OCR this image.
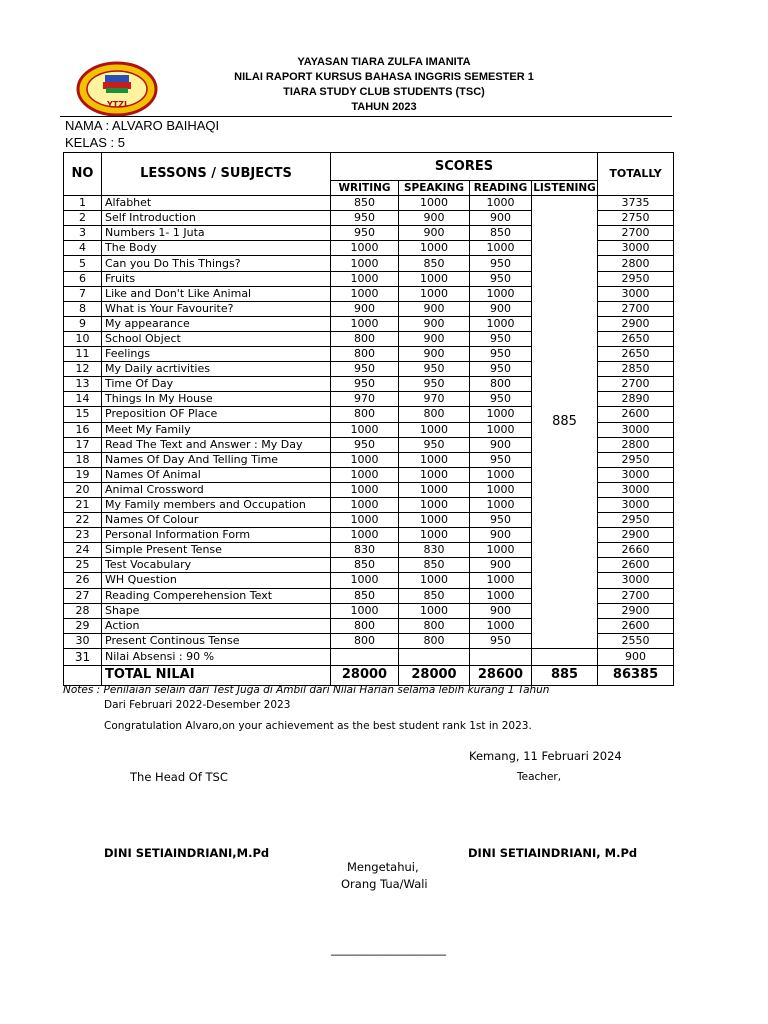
YTZI
YAYASAN TIARA ZULFA IMANITA
NILAI RAPORT KURSUS BAHASA INGGRIS SEMESTER 1
TIARA STUDY CLUB STUDENTS (TSC)
TAHUN 2023
NAMA : ALVARO BAIHAQI
KELAS : 5
NO	LESSONS / SUBJECTS	SCORES				TOTALLY
		WRITING	SPEAKING	READING	LISTENING	
1	Alfabhet	850	1000	1000	885	3735
2	Self Introduction	950	900	900		2750
3	Numbers 1- 1 Juta	950	900	850		2700
4	The Body	1000	1000	1000		3000
5	Can you Do This Things?	1000	850	950		2800
6	Fruits	1000	1000	950		2950
7	Like and Don't Like Animal	1000	1000	1000		3000
8	What is Your Favourite?	900	900	900		2700
9	My appearance	1000	900	1000		2900
10	School Object	800	900	950		2650
11	Feelings	800	900	950		2650
12	My Daily acrtivities	950	950	950		2850
13	Time Of Day	950	950	800		2700
14	Things In My House	970	970	950		2890
15	Preposition OF Place	800	800	1000		2600
16	Meet My Family	1000	1000	1000		3000
17	Read The Text and Answer : My Day	950	950	900		2800
18	Names Of Day And Telling Time	1000	1000	950		2950
19	Names Of Animal	1000	1000	1000		3000
20	Animal Crossword	1000	1000	1000		3000
21	My Family members and Occupation	1000	1000	1000		3000
22	Names Of Colour	1000	1000	950		2950
23	Personal Information Form	1000	1000	900		2900
24	Simple Present Tense	830	830	1000		2660
25	Test Vocabulary	850	850	900		2600
26	WH Question	1000	1000	1000		3000
27	Reading Comperehension Text	850	850	1000		2700
28	Shape	1000	1000	900		2900
29	Action	800	800	1000		2600
30	Present Continous Tense	800	800	950		2550
31	Nilai Absensi : 90 %					900
	TOTAL NILAI	28000	28000	28600	885	86385
Notes : Penilaian selain dari Test Juga di Ambil dari Nilai Harian selama lebih kurang 1 Tahun
Dari Februari 2022-Desember 2023
Congratulation Alvaro,on your achievement as the best student rank 1st in 2023.
Kemang, 11 Februari 2024
The Head Of TSC	Teacher,
DINI SETIAINDRIANI,M.Pd	DINI SETIAINDRIANI, M.Pd
Mengetahui,
Orang Tua/Wali
____________________
